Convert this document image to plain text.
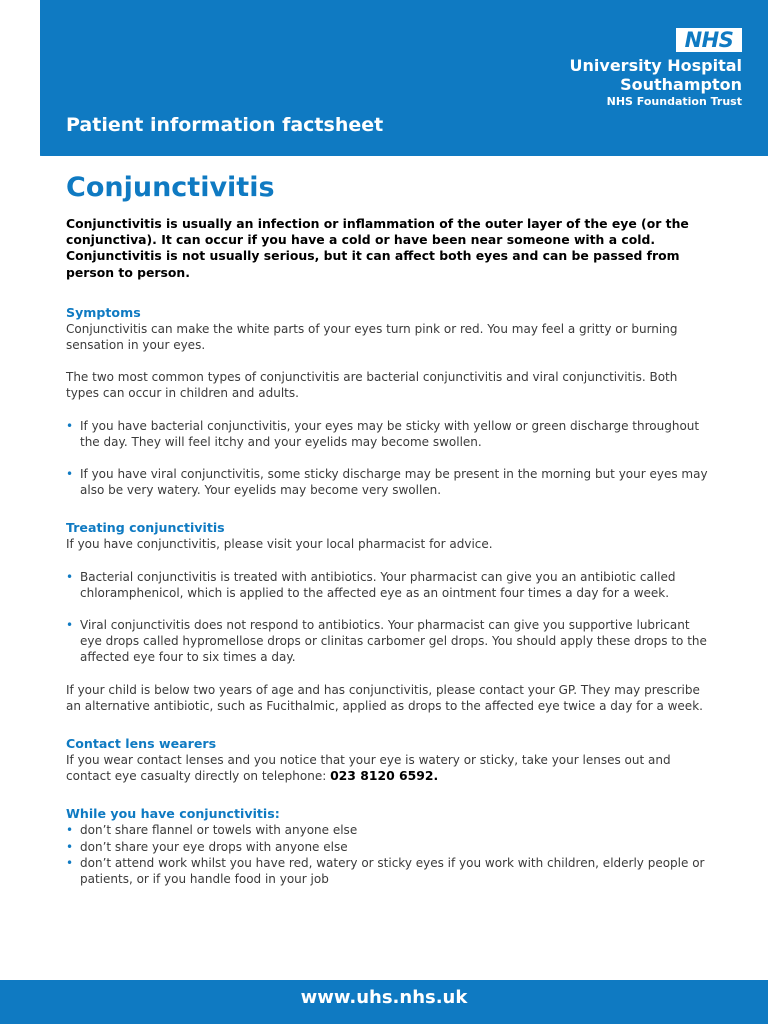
NHS
University Hospital
Southampton
NHS Foundation Trust
Patient information factsheet
Conjunctivitis

Conjunctivitis is usually an infection or inflammation of the outer layer of the eye (or the conjunctiva). It can occur if you have a cold or have been near someone with a cold. Conjunctivitis is not usually serious, but it can affect both eyes and can be passed from person to person.

Symptoms

Conjunctivitis can make the white parts of your eyes turn pink or red. You may feel a gritty or burning sensation in your eyes.

The two most common types of conjunctivitis are bacterial conjunctivitis and viral conjunctivitis. Both types can occur in children and adults.

• If you have bacterial conjunctivitis, your eyes may be sticky with yellow or green discharge throughout the day. They will feel itchy and your eyelids may become swollen.
• If you have viral conjunctivitis, some sticky discharge may be present in the morning but your eyes may also be very watery. Your eyelids may become very swollen.
Treating conjunctivitis

If you have conjunctivitis, please visit your local pharmacist for advice.

• Bacterial conjunctivitis is treated with antibiotics. Your pharmacist can give you an antibiotic called chloramphenicol, which is applied to the affected eye as an ointment four times a day for a week.
• Viral conjunctivitis does not respond to antibiotics. Your pharmacist can give you supportive lubricant eye drops called hypromellose drops or clinitas carbomer gel drops. You should apply these drops to the affected eye four to six times a day.

If your child is below two years of age and has conjunctivitis, please contact your GP. They may prescribe an alternative antibiotic, such as Fucithalmic, applied as drops to the affected eye twice a day for a week.

Contact lens wearers

If you wear contact lenses and you notice that your eye is watery or sticky, take your lenses out and contact eye casualty directly on telephone: 023 8120 6592.

While you have conjunctivitis:
• don’t share flannel or towels with anyone else
• don’t share your eye drops with anyone else
• don’t attend work whilst you have red, watery or sticky eyes if you work with children, elderly people or patients, or if you handle food in your job
www.uhs.nhs.uk
